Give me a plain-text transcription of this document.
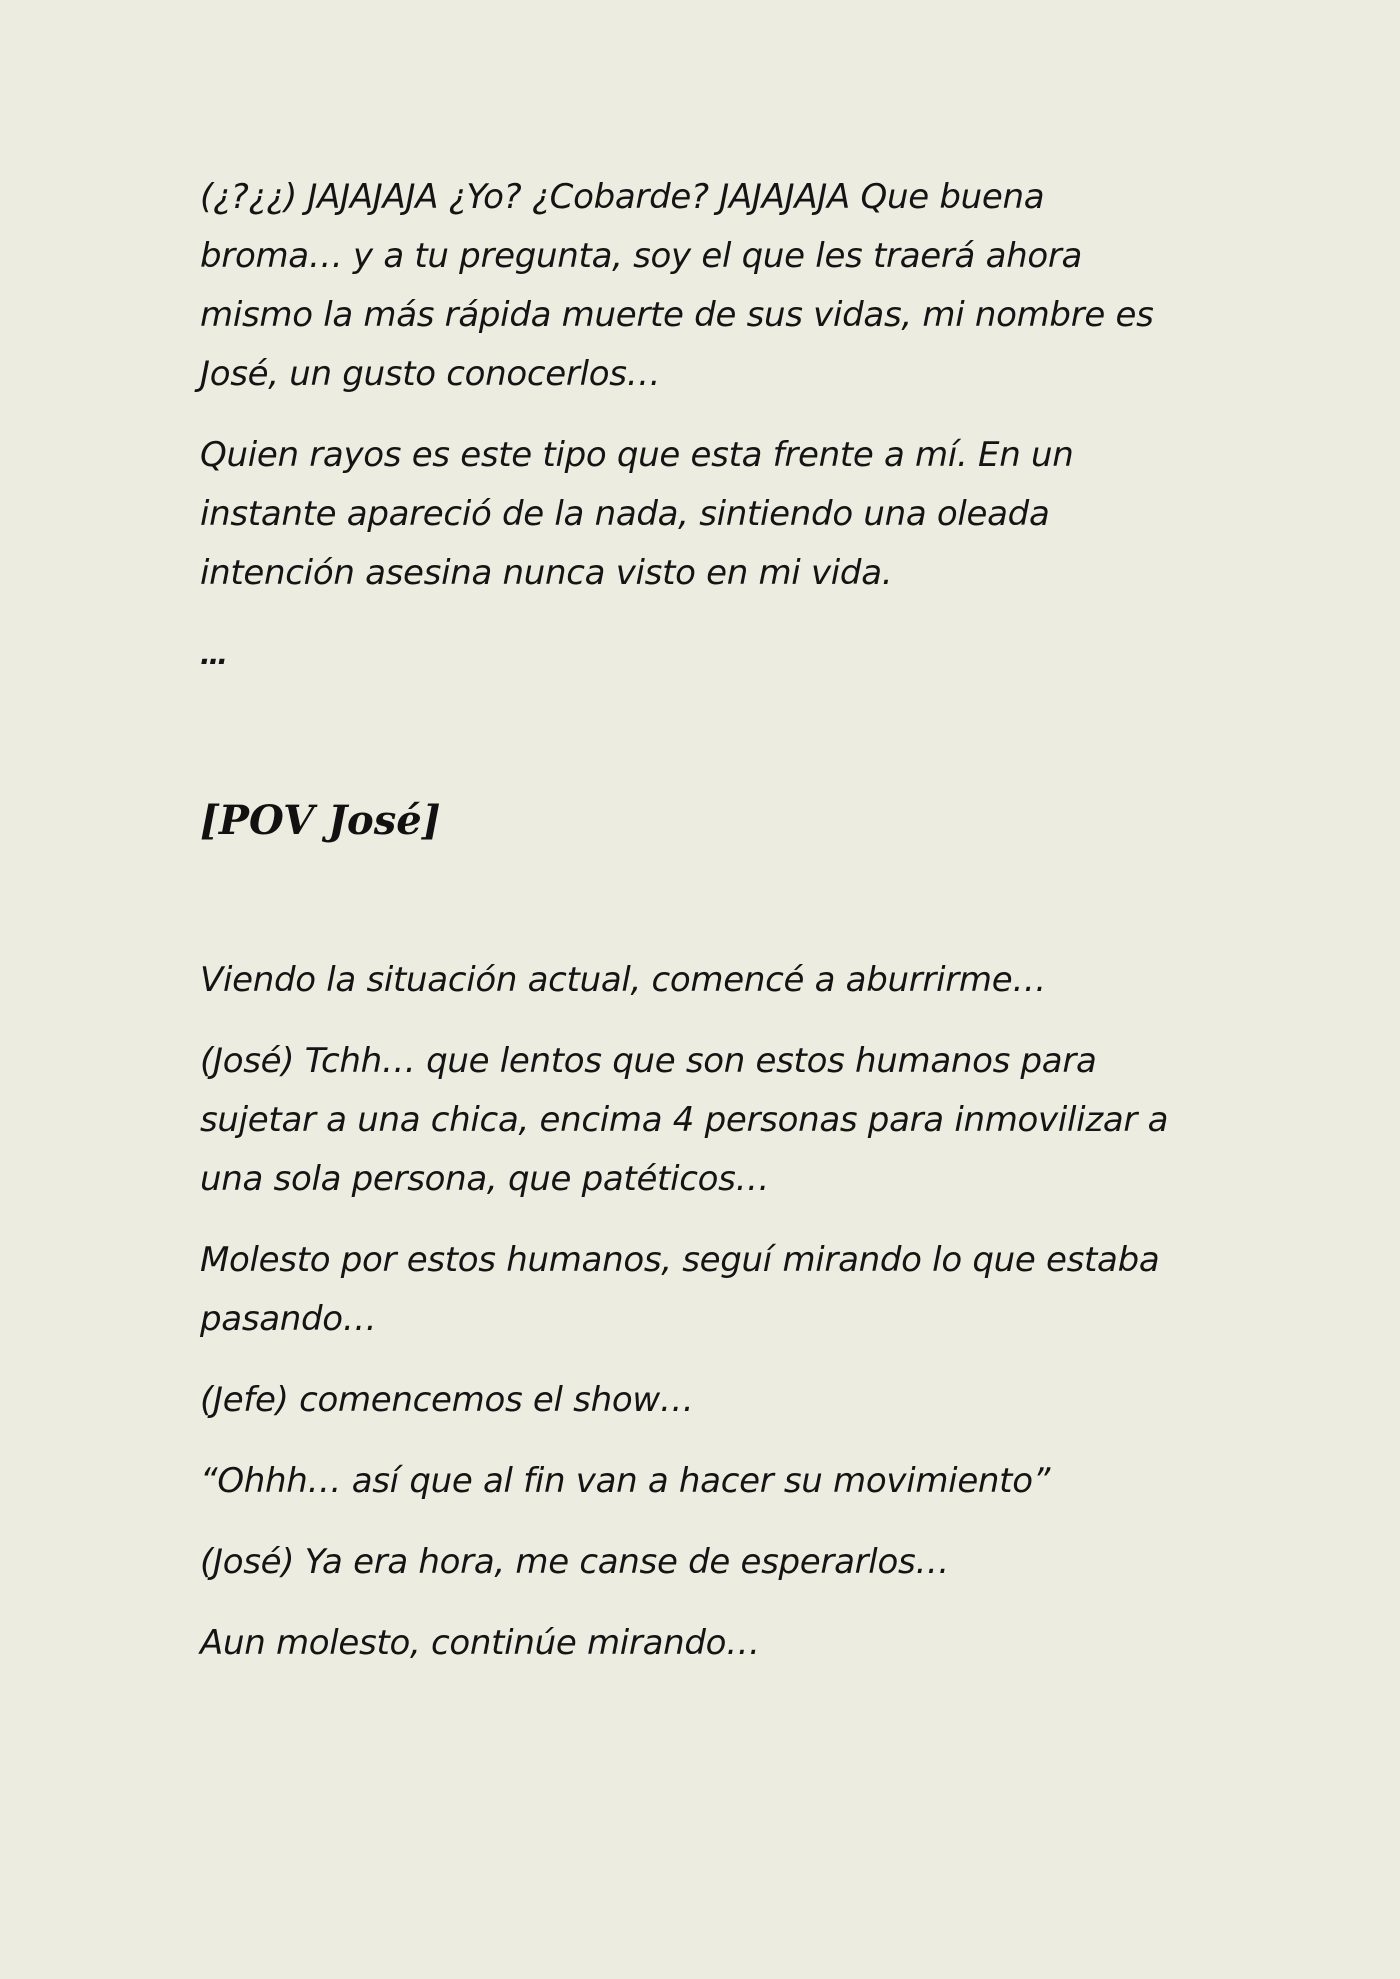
(¿?¿¿) JAJAJAJA ¿Yo? ¿Cobarde? JAJAJAJA Que buena
broma… y a tu pregunta, soy el que les traerá ahora
mismo la más rápida muerte de sus vidas, mi nombre es
José, un gusto conocerlos…
Quien rayos es este tipo que esta frente a mí. En un
instante apareció de la nada, sintiendo una oleada
intención asesina nunca visto en mi vida.
…
[POV José]
Viendo la situación actual, comencé a aburrirme…
(José) Tchh… que lentos que son estos humanos para
sujetar a una chica, encima 4 personas para inmovilizar a
una sola persona, que patéticos…
Molesto por estos humanos, seguí mirando lo que estaba
pasando…
(Jefe) comencemos el show…
“Ohhh… así que al fin van a hacer su movimiento”
(José) Ya era hora, me canse de esperarlos…
Aun molesto, continúe mirando…
